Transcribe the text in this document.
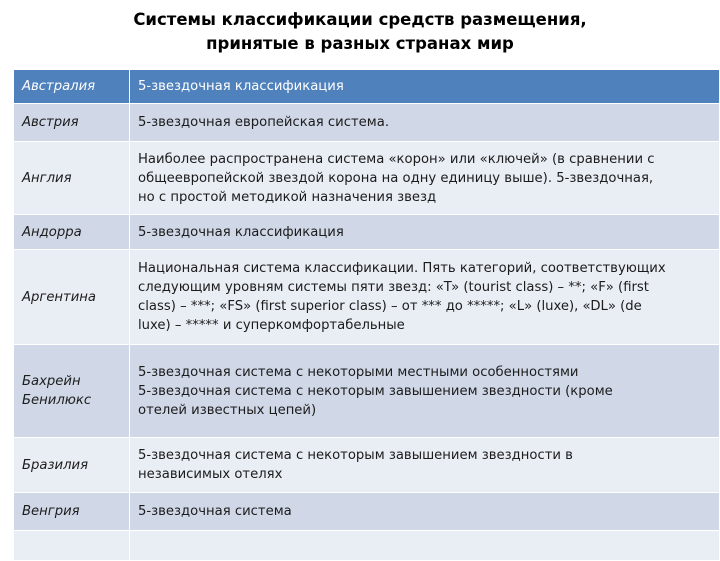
Системы классификации средств размещения,
принятые в разных странах мир
Австралия	5-звездочная классификация

Австрия	5-звездочная европейская система.

Англия	Наиболее распространена система «корон» или «ключей» (в сравнении с
общеевропейской звездой корона на одну единицу выше). 5-звездочная,
но с простой методикой назначения звезд

Андорра	5-звездочная классификация

Аргентина	Национальная система классификации. Пять категорий, соответствующих
следующим уровням системы пяти звезд: «T» (tourist class) – **; «F» (first
class) – ***; «FS» (first superior class) – от *** до *****; «L» (luxe), «DL» (de
luxe) – ***** и суперкомфортабельные

Бахрейн
Бенилюкс	5-звездочная система с некоторыми местными особенностями
5-звездочная система с некоторым завышением звездности (кроме
отелей известных цепей)

Бразилия	5-звездочная система с некоторым завышением звездности в
независимых отелях

Венгрия	5-звездочная система
